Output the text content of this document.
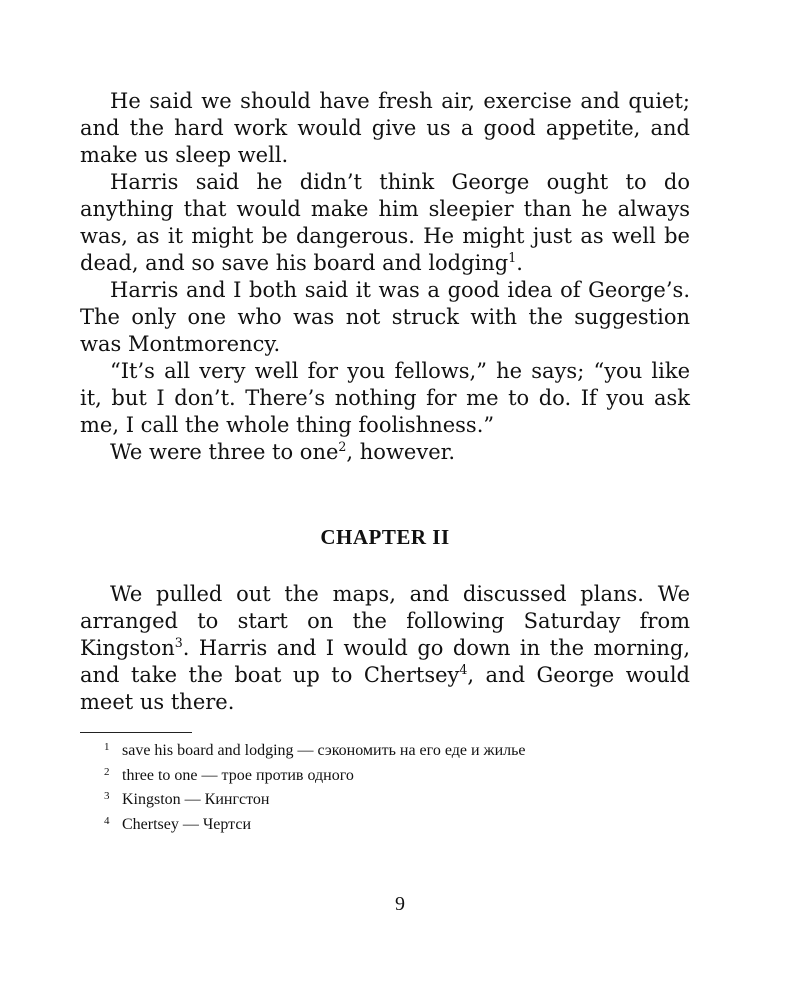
He said we should have fresh air, exercise and quiet; and the hard work would give us a good appetite, and make us sleep well.

Harris said he didn’t think George ought to do anything that would make him sleepier than he always was, as it might be dangerous. He might just as well be dead, and so save his board and lodging$^1$.

Harris and I both said it was a good idea of George’s. The only one who was not struck with the suggestion was Montmorency.

“It’s all very well for you fellows,” he says; “you like it, but I don’t. There’s nothing for me to do. If you ask me, I call the whole thing foolishness.”

We were three to one$^2$, however.

CHAPTER II

We pulled out the maps, and discussed plans. We arranged to start on the following Saturday from Kingston$^3$. Harris and I would go down in the morning, and take the boat up to Chertsey$^4$, and George would meet us there.

1 save his board and lodging — сэкономить на его еде и жилье

2 three to one — трое против одного

3 Kingston — Кингстон

4 Chertsey — Чертси

9
